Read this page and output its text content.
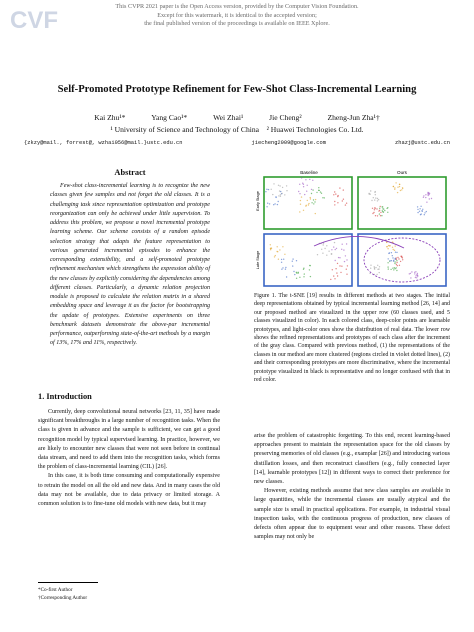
CVF
This CVPR 2021 paper is the Open Access version, provided by the Computer Vision Foundation.
Except for this watermark, it is identical to the accepted version;
the final published version of the proceedings is available on IEEE Xplore.
Self-Promoted Prototype Refinement for Few-Shot Class-Incremental Learning
Kai Zhu¹*	Yang Cao¹*	Wei Zhai¹	Jie Cheng²	Zheng-Jun Zha¹†
¹ University of Science and Technology of China    ² Huawei Technologies Co. Ltd.
{zkzy@mail., forrest@, wzhai056@mail.}ustc.edu.cn	jiecheng2009@google.com	zhazj@ustc.edu.cn
Abstract

Few-shot class-incremental learning is to recognize the new classes given few samples and not forget the old classes. It is a challenging task since representation optimization and prototype reorganization can only be achieved under little supervision. To address this problem, we propose a novel incremental prototype learning scheme. Our scheme consists of a random episode selection strategy that adapts the feature representation to various generated incremental episodes to enhance the corresponding extensibility, and a self-promoted prototype refinement mechanism which strengthens the expression ability of the new classes by explicitly considering the dependencies among different classes. Particularly, a dynamic relation projection module is proposed to calculate the relation matrix in a shared embedding space and leverage it as the factor for bootstrapping the update of prototypes. Extensive experiments on three benchmark datasets demonstrate the above-par incremental performance, outperforming state-of-the-art methods by a margin of 13%, 17% and 11%, respectively.

1. Introduction

Currently, deep convolutional neural networks [23, 11, 35] have made significant breakthroughs in a large number of recognition tasks. When the class is given in advance and the sample is sufficient, we can get a good recognition model by typical supervised learning. In practice, however, we are likely to encounter new classes that were not seen before in continual data stream, and need to add them into the recognition tasks, which forms the problem of class-incremental learning (CIL) [26].

In this case, it is both time consuming and computationally expensive to retrain the model on all the old and new data. And in many cases the old data may not be available, due to data privacy or limited storage. A common solution is to fine-tune old models with new data, but it may

*Co-first Author
†Corresponding Author
Baseline	Ours
Early Stage
Late Stage
Figure 1. The t-SNE [19] results in different methods at two stages. The initial deep representations obtained by typical incremental learning method [26, 14] and our proposed method are visualized in the upper row (60 classes used, and 5 classes visualized in color). In each colored class, deep-color points are learnable prototypes, and light-color ones show the distribution of real data. The lower row shows the refined representations and prototypes of each class after the increment of the gray class. Compared with previous method, (1) the representations of the classes in our method are more clustered (regions circled in violet dotted lines), (2) and their corresponding prototypes are more discriminative, where the incremental prototype visualized in black is representative and no longer confused with that in red color.

arise the problem of catastrophic forgetting. To this end, recent learning-based approaches present to maintain the representation space for the old classes by preserving memories of old classes (e.g., examplar [26]) and introducing various distillation losses, and then reconstruct classifiers (e.g., fully connected layer [14], learnable prototypes [12]) in different ways to correct their preference for new classes.

However, existing methods assume that new class samples are available in large quantities, while the incremental classes are usually atypical and the sample size is small in practical applications. For example, in industrial visual inspection tasks, with the continuous progress of production, new classes of defects often appear due to equipment wear and other reasons. These defect samples may not only be
